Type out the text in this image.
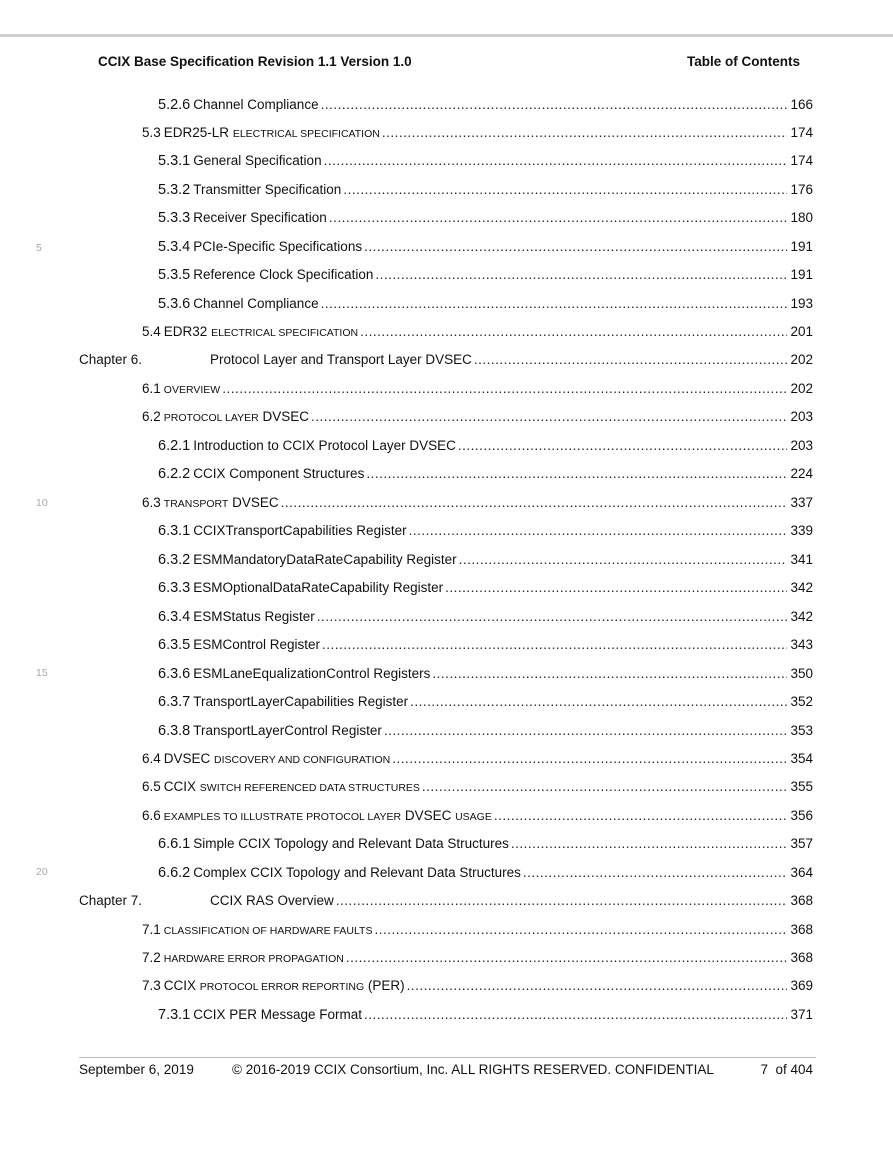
CCIX Base Specification Revision 1.1 Version 1.0	Table of Contents
5
10
15
20
5.2.6 Channel Compliance .....	166
5.3 EDR25-LR ELECTRICAL SPECIFICATION .....	174
5.3.1 General Specification .....	174
5.3.2 Transmitter Specification .....	176
5.3.3 Receiver Specification .....	180
5.3.4 PCIe-Specific Specifications .....	191
5.3.5 Reference Clock Specification .....	191
5.3.6 Channel Compliance .....	193
5.4 EDR32 ELECTRICAL SPECIFICATION .....	201
Chapter 6.	Protocol Layer and Transport Layer DVSEC .....	202
6.1 OVERVIEW .....	202
6.2 PROTOCOL LAYER DVSEC .....	203
6.2.1 Introduction to CCIX Protocol Layer DVSEC .....	203
6.2.2 CCIX Component Structures .....	224
6.3 TRANSPORT DVSEC .....	337
6.3.1 CCIXTransportCapabilities Register .....	339
6.3.2 ESMMandatoryDataRateCapability Register .....	341
6.3.3 ESMOptionalDataRateCapability Register .....	342
6.3.4 ESMStatus Register .....	342
6.3.5 ESMControl Register .....	343
6.3.6 ESMLaneEqualizationControl Registers .....	350
6.3.7 TransportLayerCapabilities Register .....	352
6.3.8 TransportLayerControl Register .....	353
6.4 DVSEC DISCOVERY AND CONFIGURATION .....	354
6.5 CCIX SWITCH REFERENCED DATA STRUCTURES .....	355
6.6 EXAMPLES TO ILLUSTRATE PROTOCOL LAYER DVSEC USAGE .....	356
6.6.1 Simple CCIX Topology and Relevant Data Structures .....	357
6.6.2 Complex CCIX Topology and Relevant Data Structures .....	364
Chapter 7.	CCIX RAS Overview .....	368
7.1 CLASSIFICATION OF HARDWARE FAULTS .....	368
7.2 HARDWARE ERROR PROPAGATION .....	368
7.3 CCIX PROTOCOL ERROR REPORTING (PER) .....	369
7.3.1 CCIX PER Message Format .....	371
September 6, 2019	© 2016-2019 CCIX Consortium, Inc. ALL RIGHTS RESERVED. CONFIDENTIAL	7  of 404
